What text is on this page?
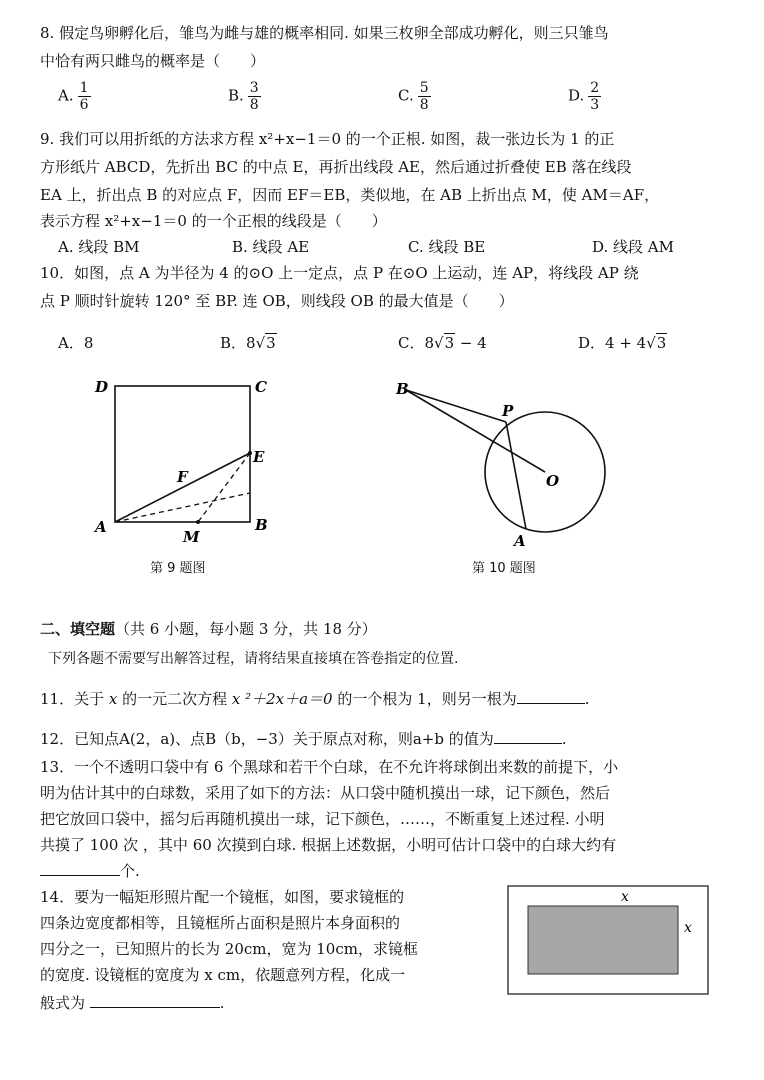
8. 假定鸟卵孵化后，雏鸟为雌与雄的概率相同. 如果三枚卵全部成功孵化，则三只雏鸟
中恰有两只雌鸟的概率是（　　）
A. $\frac{1}{6}$	B. $\frac{3}{8}$	C. $\frac{5}{8}$	D. $\frac{2}{3}$
9. 我们可以用折纸的方法求方程 x²+x−1＝0 的一个正根. 如图，裁一张边长为 1 的正
方形纸片 ABCD，先折出 BC 的中点 E，再折出线段 AE，然后通过折叠使 EB 落在线段
EA 上，折出点 B 的对应点 F，因而 EF＝EB，类似地，在 AB 上折出点 M，使 AM＝AF，
表示方程 x²+x−1＝0 的一个正根的线段是（　　）
A. 线段 BM	B. 线段 AE	C. 线段 BE	D. 线段 AM
10．如图，点 A 为半径为 4 的⊙O 上一定点，点 P 在⊙O 上运动，连 AP，将线段 AP 绕
点 P 顺时针旋转 120° 至 BP. 连 OB，则线段 OB 的最大值是（　　）
A．8	B．8√3	C．8√3 − 4	D．4 + 4√3
D	C
E
F
A
M
B
第 9 题图
B
P
O
A
第 10 题图
二、填空题（共 6 小题，每小题 3 分，共 18 分）
下列各题不需要写出解答过程，请将结果直接填在答卷指定的位置.
11．关于 x 的一元二次方程 x ²＋2x＋a＝0 的一个根为 1，则另一根为	.
12．已知点A(2，a)、点B（b，−3）关于原点对称，则a+b 的值为	.
13．一个不透明口袋中有 6 个黑球和若干个白球，在不允许将球倒出来数的前提下，小
明为估计其中的白球数，采用了如下的方法：从口袋中随机摸出一球，记下颜色，然后
把它放回口袋中，摇匀后再随机摸出一球，记下颜色，……，不断重复上述过程. 小明
共摸了 100 次 ，其中 60 次摸到白球. 根据上述数据，小明可估计口袋中的白球大约有
个.
14．要为一幅矩形照片配一个镜框，如图，要求镜框的
四条边宽度都相等，且镜框所占面积是照片本身面积的
四分之一，已知照片的长为 20cm，宽为 10cm，求镜框
的宽度. 设镜框的宽度为 x cm，依题意列方程，化成一
般式为	.
x
x
